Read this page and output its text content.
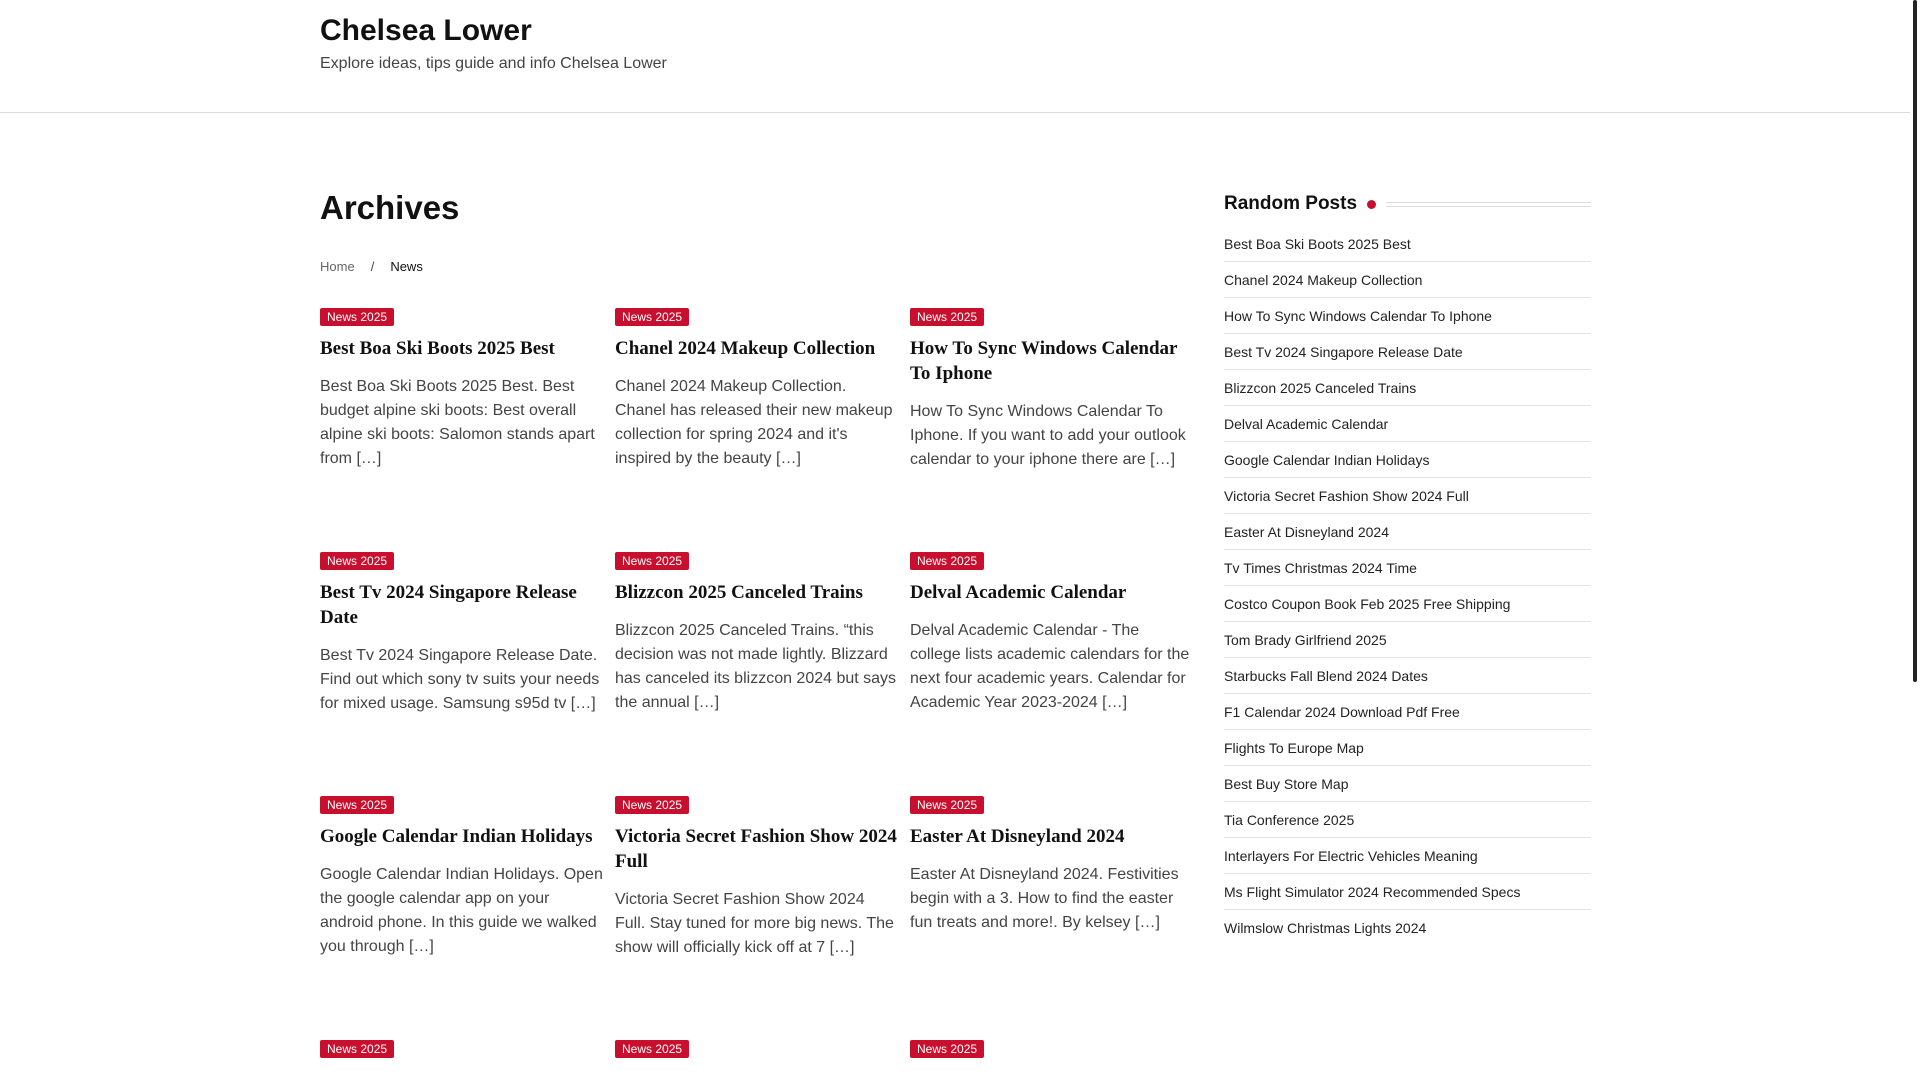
Chelsea Lower

Explore ideas, tips guide and info Chelsea Lower

Archives
Home / News
News 2025
Best Boa Ski Boots 2025 Best

Best Boa Ski Boots 2025 Best. Best budget alpine ski boots: Best overall alpine ski boots: Salomon stands apart from […]

News 2025
Chanel 2024 Makeup Collection

Chanel 2024 Makeup Collection. Chanel has released their new makeup collection for spring 2024 and it's inspired by the beauty […]

News 2025
How To Sync Windows Calendar To Iphone

How To Sync Windows Calendar To Iphone. If you want to add your outlook calendar to your iphone there are […]

News 2025
Best Tv 2024 Singapore Release Date

Best Tv 2024 Singapore Release Date. Find out which sony tv suits your needs for mixed usage. Samsung s95d tv […]

News 2025
Blizzcon 2025 Canceled Trains

Blizzcon 2025 Canceled Trains. “this decision was not made lightly. Blizzard has canceled its blizzcon 2024 but says the annual […]

News 2025
Delval Academic Calendar

Delval Academic Calendar - The college lists academic calendars for the next four academic years. Calendar for Academic Year 2023-2024 […]

News 2025
Google Calendar Indian Holidays

Google Calendar Indian Holidays. Open the google calendar app on your android phone. In this guide we walked you through […]

News 2025
Victoria Secret Fashion Show 2024 Full

Victoria Secret Fashion Show 2024 Full. Stay tuned for more big news. The show will officially kick off at 7 […]

News 2025
Easter At Disneyland 2024

Easter At Disneyland 2024. Festivities begin with a 3. How to find the easter fun treats and more!. By kelsey […]

News 2025	News 2025	News 2025
Random Posts
Best Boa Ski Boots 2025 Best
Chanel 2024 Makeup Collection
How To Sync Windows Calendar To Iphone
Best Tv 2024 Singapore Release Date
Blizzcon 2025 Canceled Trains
Delval Academic Calendar
Google Calendar Indian Holidays
Victoria Secret Fashion Show 2024 Full
Easter At Disneyland 2024
Tv Times Christmas 2024 Time
Costco Coupon Book Feb 2025 Free Shipping
Tom Brady Girlfriend 2025
Starbucks Fall Blend 2024 Dates
F1 Calendar 2024 Download Pdf Free
Flights To Europe Map
Best Buy Store Map
Tia Conference 2025
Interlayers For Electric Vehicles Meaning
Ms Flight Simulator 2024 Recommended Specs
Wilmslow Christmas Lights 2024
